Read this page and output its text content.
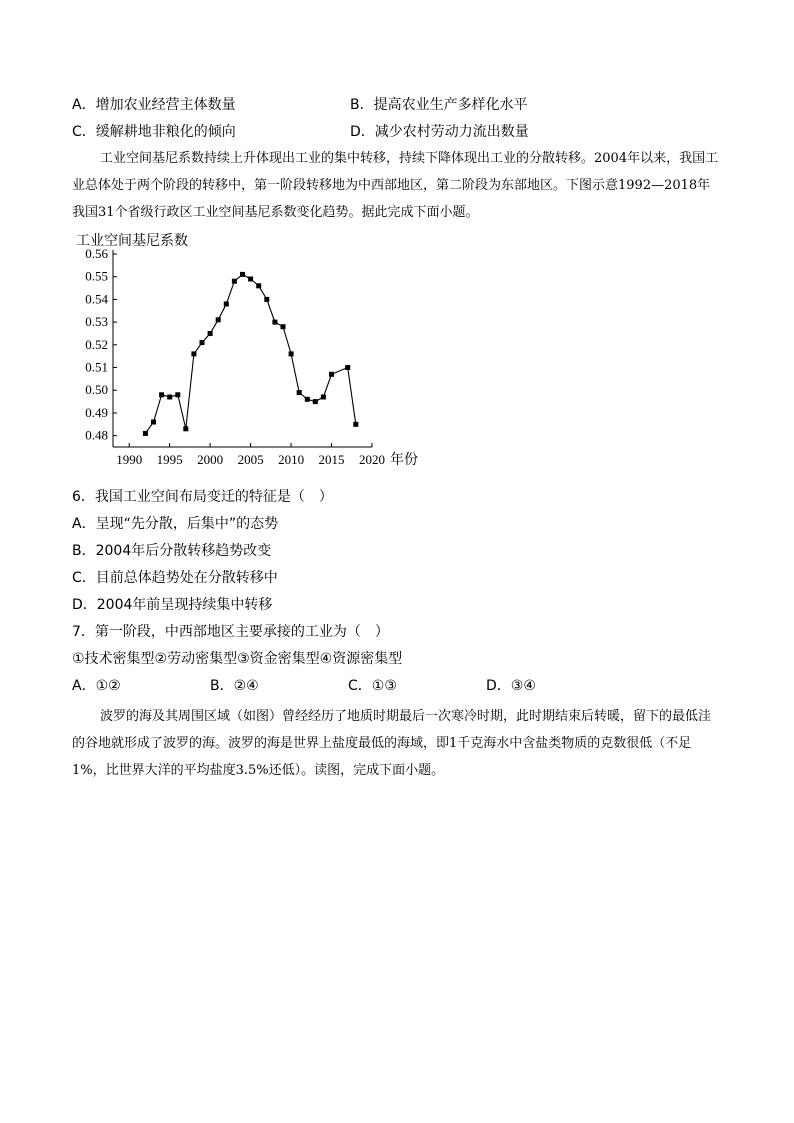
A．增加农业经营主体数量	B．提高农业生产多样化水平
C．缓解耕地非粮化的倾向	D．减少农村劳动力流出数量
工业空间基尼系数持续上升体现出工业的集中转移，持续下降体现出工业的分散转移。2004年以来，我国工业总体处于两个阶段的转移中，第一阶段转移地为中西部地区，第二阶段为东部地区。下图示意1992—2018年我国31个省级行政区工业空间基尼系数变化趋势。据此完成下面小题。
工业空间基尼系数
0.48
0.49
0.50
0.51
0.52
0.53
0.54
0.55
0.56
1990 1995 2000 2005 2010 2015 2020 年份
6．我国工业空间布局变迁的特征是（　）
A．呈现“先分散，后集中”的态势
B．2004年后分散转移趋势改变
C．目前总体趋势处在分散转移中
D．2004年前呈现持续集中转移
7．第一阶段，中西部地区主要承接的工业为（　）
①技术密集型②劳动密集型③资金密集型④资源密集型
A．①②	B．②④	C．①③	D．③④
波罗的海及其周围区域（如图）曾经经历了地质时期最后一次寒冷时期，此时期结束后转暖，留下的最低洼的谷地就形成了波罗的海。波罗的海是世界上盐度最低的海域，即1千克海水中含盐类物质的克数很低（不足1%，比世界大洋的平均盐度3.5%还低）。读图，完成下面小题。
